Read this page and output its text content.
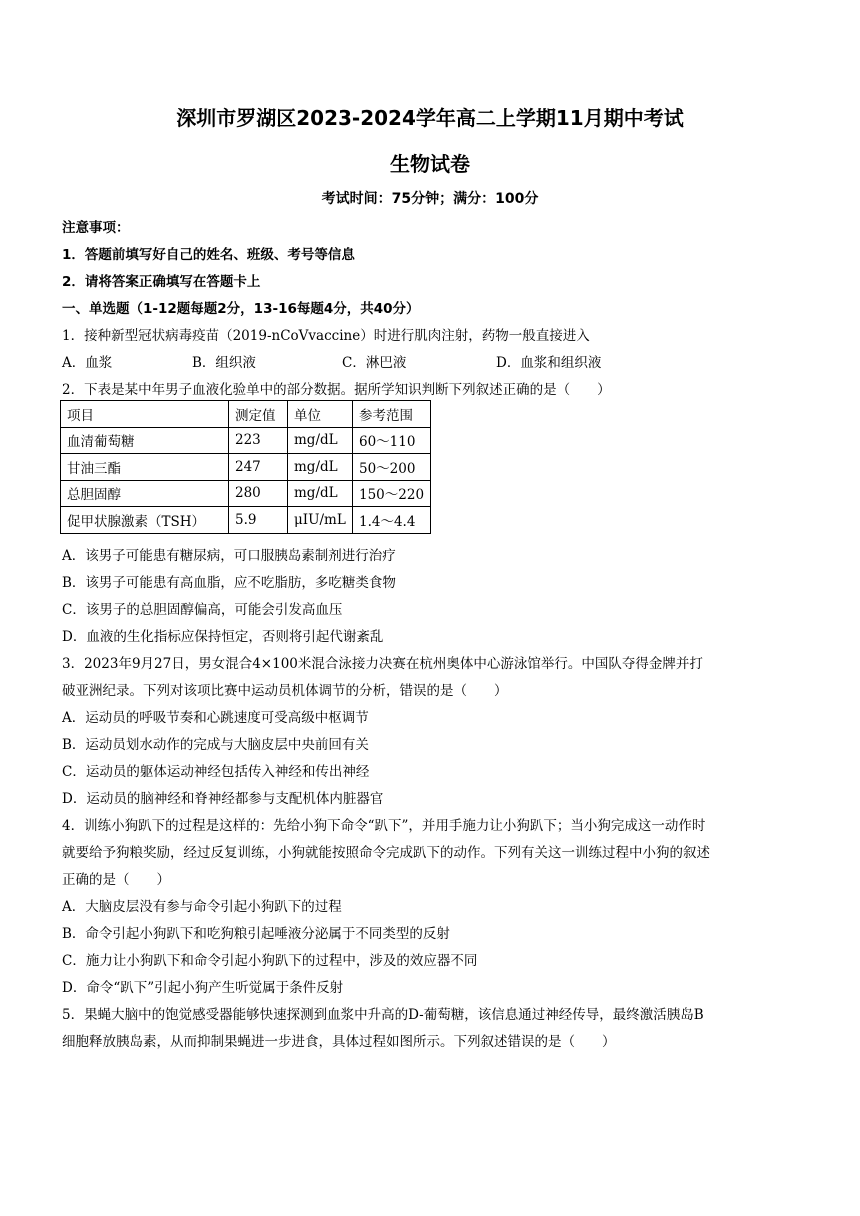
深圳市罗湖区2023-2024学年高二上学期11月期中考试
生物试卷
考试时间：75分钟；满分：100分
注意事项：
1．答题前填写好自己的姓名、班级、考号等信息
2．请将答案正确填写在答题卡上
一、单选题（1-12题每题2分，13-16每题4分，共40分）
1．接种新型冠状病毒疫苗（2019-nCoVvaccine）时进行肌肉注射，药物一般直接进入
A．血浆	B．组织液	C．淋巴液	D．血浆和组织液
2．下表是某中年男子血液化验单中的部分数据。据所学知识判断下列叙述正确的是（　　）
项目	测定值	单位	参考范围
血清葡萄糖	223	mg/dL	60～110
甘油三酯	247	mg/dL	50～200
总胆固醇	280	mg/dL	150～220
促甲状腺激素（TSH）	5.9	μIU/mL	1.4～4.4
A．该男子可能患有糖尿病，可口服胰岛素制剂进行治疗
B．该男子可能患有高血脂，应不吃脂肪，多吃糖类食物
C．该男子的总胆固醇偏高，可能会引发高血压
D．血液的生化指标应保持恒定，否则将引起代谢紊乱
3．2023年9月27日，男女混合4×100米混合泳接力决赛在杭州奥体中心游泳馆举行。中国队夺得金牌并打
破亚洲纪录。下列对该项比赛中运动员机体调节的分析，错误的是（　　）
A．运动员的呼吸节奏和心跳速度可受高级中枢调节
B．运动员划水动作的完成与大脑皮层中央前回有关
C．运动员的躯体运动神经包括传入神经和传出神经
D．运动员的脑神经和脊神经都参与支配机体内脏器官
4．训练小狗趴下的过程是这样的：先给小狗下命令“趴下”，并用手施力让小狗趴下；当小狗完成这一动作时
就要给予狗粮奖励，经过反复训练，小狗就能按照命令完成趴下的动作。下列有关这一训练过程中小狗的叙述
正确的是（　　）
A．大脑皮层没有参与命令引起小狗趴下的过程
B．命令引起小狗趴下和吃狗粮引起唾液分泌属于不同类型的反射
C．施力让小狗趴下和命令引起小狗趴下的过程中，涉及的效应器不同
D．命令“趴下”引起小狗产生听觉属于条件反射
5．果蝇大脑中的饱觉感受器能够快速探测到血浆中升高的D-葡萄糖，该信息通过神经传导，最终激活胰岛B
细胞释放胰岛素，从而抑制果蝇进一步进食，具体过程如图所示。下列叙述错误的是（　　）
